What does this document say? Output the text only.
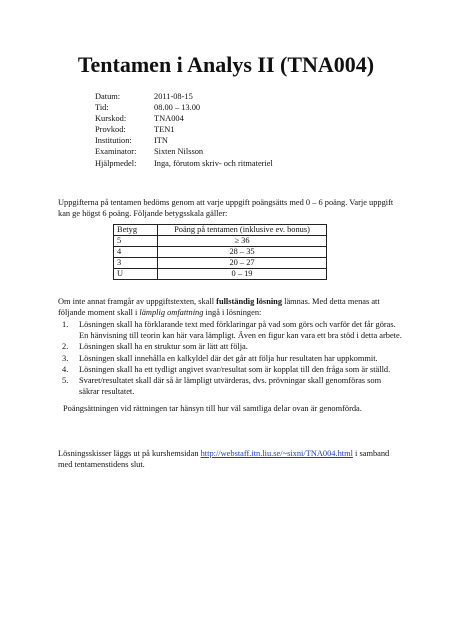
Tentamen i Analys II (TNA004)
Datum:	2011-08-15
Tid:	08.00 – 13.00
Kurskod:	TNA004
Provkod:	TEN1
Institution:	ITN
Examinator:	Sixten Nilsson
Hjälpmedel:	Inga, förutom skriv- och ritmateriel

Uppgifterna på tentamen bedöms genom att varje uppgift poängsätts med 0 – 6 poäng. Varje uppgift kan ge högst 6 poäng. Följande betygsskala gäller:

Betyg	Poäng på tentamen (inklusive ev. bonus)
5	≥ 36
4	28 – 35
3	20 – 27
U	0 – 19

Om inte annat framgår av uppgiftstexten, skall fullständig lösning lämnas. Med detta menas att följande moment skall i lämplig omfattning ingå i lösningen:

1.	Lösningen skall ha förklarande text med förklaringar på vad som görs och varför det får göras. En hänvisning till teorin kan här vara lämpligt. Även en figur kan vara ett bra stöd i detta arbete.
2.	Lösningen skall ha en struktur som är lätt att följa.
3.	Lösningen skall innehålla en kalkyldel där det går att följa hur resultaten har uppkommit.
4.	Lösningen skall ha ett tydligt angivet svar/resultat som är kopplat till den fråga som är ställd.
5.	Svaret/resultatet skall där så är lämpligt utvärderas, dvs. prövningar skall genomföras som säkrar resultatet.

Poängsättningen vid rättningen tar hänsyn till hur väl samtliga delar ovan är genomförda.

Lösningsskisser läggs ut på kurshemsidan http://webstaff.itn.liu.se/~sixni/TNA004.html i samband med tentamenstidens slut.
